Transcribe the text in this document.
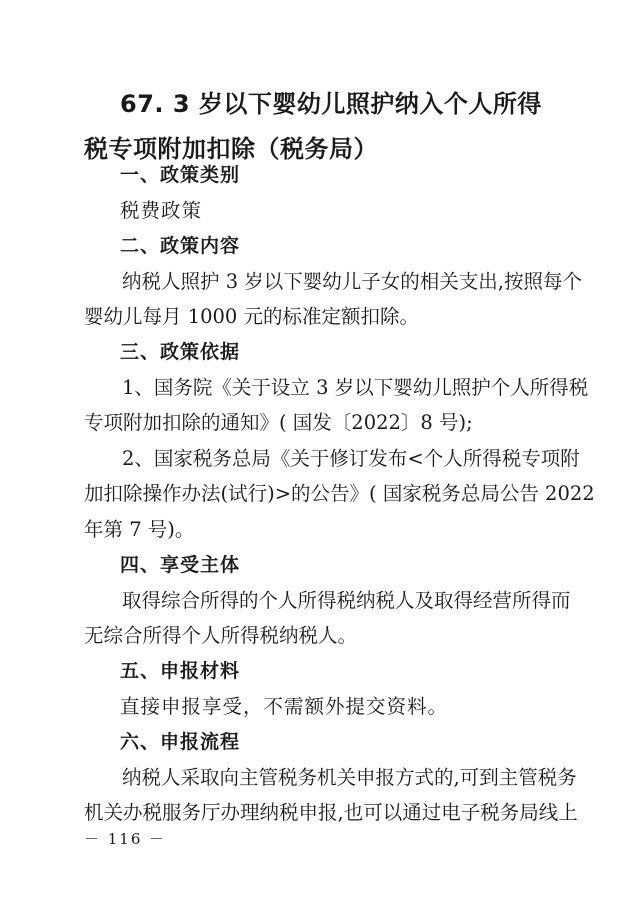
67. 3 岁以下婴幼儿照护纳入个人所得税专项附加扣除（税务局）

一、政策类别

税费政策

二、政策内容

纳税人照护 3 岁以下婴幼儿子女的相关支出,按照每个

婴幼儿每月 1000 元的标准定额扣除。

三、政策依据

1、国务院《关于设立 3 岁以下婴幼儿照护个人所得税

专项附加扣除的通知》( 国发〔2022〕8 号);

2、国家税务总局《关于修订发布<个人所得税专项附

加扣除操作办法(试行)>的公告》( 国家税务总局公告 2022

年第 7 号)。

四、享受主体

取得综合所得的个人所得税纳税人及取得经营所得而

无综合所得个人所得税纳税人。

五、申报材料

直接申报享受，不需额外提交资料。

六、申报流程

纳税人采取向主管税务机关申报方式的,可到主管税务

机关办税服务厅办理纳税申报,也可以通过电子税务局线上

－ 116 －
